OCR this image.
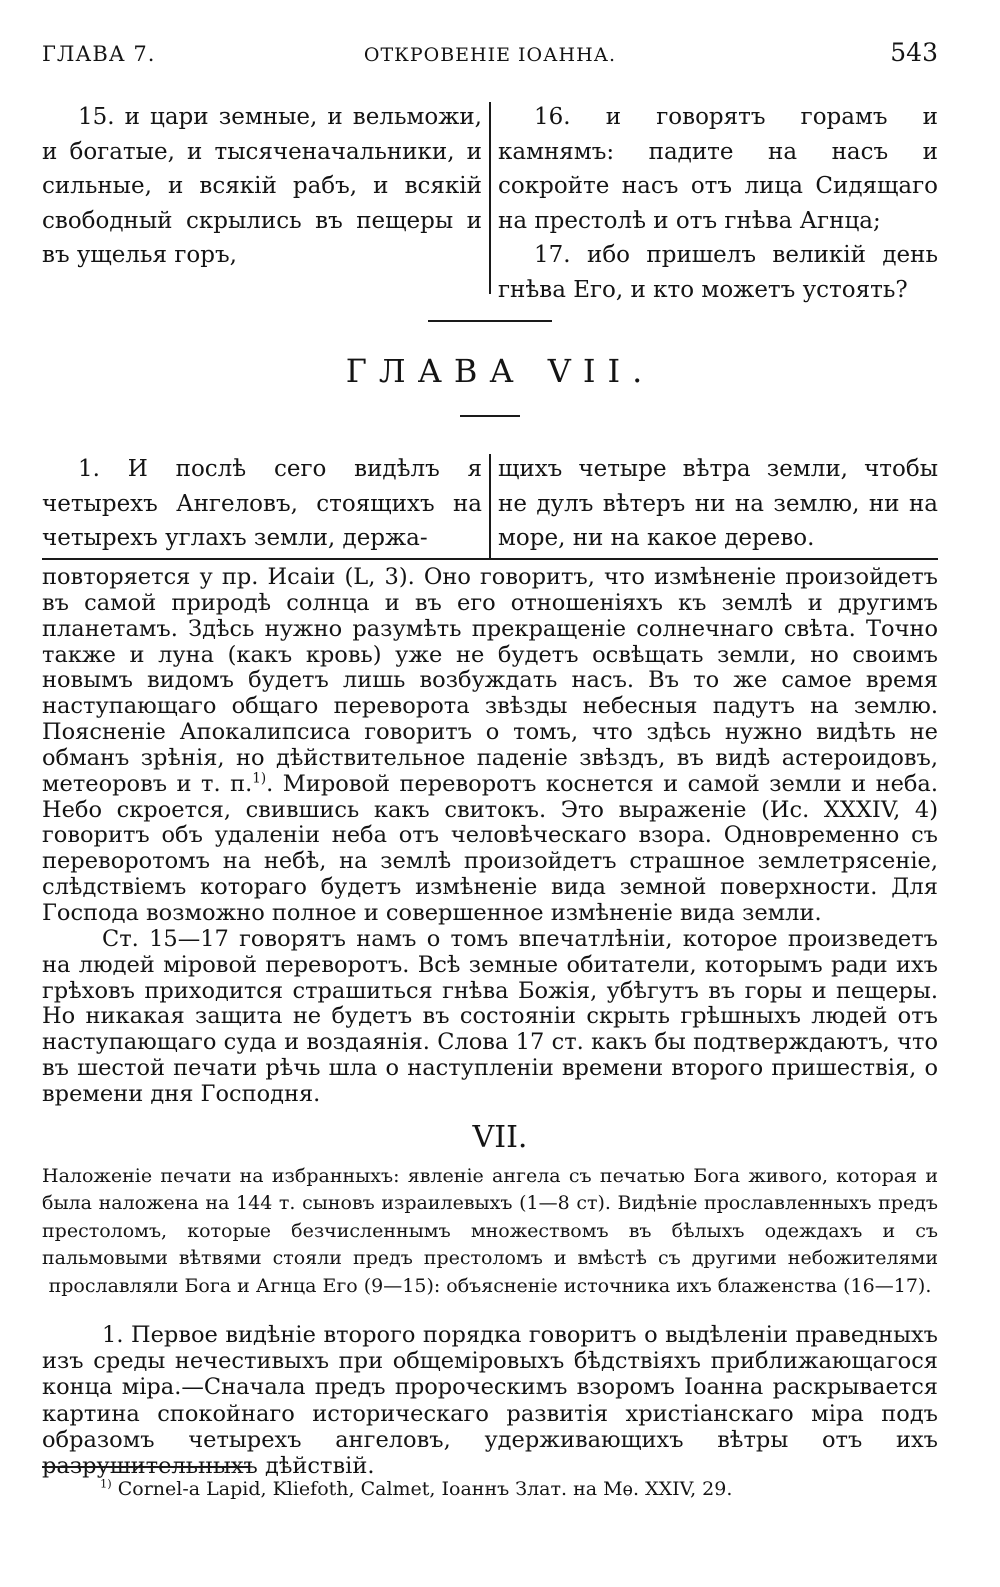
ГЛАВА 7.	ОТКРОВЕНІЕ ІОАННА.	543

15. и цари земные, и вельможи, и богатые, и тысяченачальники, и сильные, и всякій рабъ, и всякій свободный скрылись въ пещеры и въ ущелья горъ,

16. и говорятъ горамъ и камнямъ: падите на насъ и сокройте насъ отъ лица Сидящаго на престолѣ и отъ гнѣва Агнца;

17. ибо пришелъ великій день гнѣва Его, и кто можетъ устоять?

ГЛАВА VII.

1. И послѣ сего видѣлъ я четырехъ Ангеловъ, стоящихъ на четырехъ углахъ земли, держа-

щихъ четыре вѣтра земли, чтобы не дулъ вѣтеръ ни на землю, ни на море, ни на какое дерево.

повторяется у пр. Исаіи (L, 3). Оно говоритъ, что измѣненіе произойдетъ въ самой природѣ солнца и въ его отношеніяхъ къ землѣ и другимъ планетамъ. Здѣсь нужно разумѣть прекращеніе солнечнаго свѣта. Точно также и луна (какъ кровь) уже не будетъ освѣщать земли, но своимъ новымъ видомъ будетъ лишь возбуждать насъ. Въ то же самое время наступающаго общаго переворота звѣзды небесныя падутъ на землю. Поясненіе Апокалипсиса говоритъ о томъ, что здѣсь нужно видѣть не обманъ зрѣнія, но дѣйствительное паденіе звѣздъ, въ видѣ астероидовъ, метеоровъ и т. п.$^{1)}$. Мировой переворотъ коснется и самой земли и неба. Небо скроется, свившись какъ свитокъ. Это выраженіе (Ис. XXXIV, 4) говоритъ объ удаленіи неба отъ человѣческаго взора. Одновременно съ переворотомъ на небѣ, на землѣ произойдетъ страшное землетрясеніе, слѣдствіемъ котораго будетъ измѣненіе вида земной поверхности. Для Господа возможно полное и совершенное измѣненіе вида земли.

Ст. 15—17 говорятъ намъ о томъ впечатлѣніи, которое произведетъ на людей міровой переворотъ. Всѣ земные обитатели, которымъ ради ихъ грѣховъ приходится страшиться гнѣва Божія, убѣгутъ въ горы и пещеры. Но никакая защита не будетъ въ состояніи скрыть грѣшныхъ людей отъ наступающаго суда и воздаянія. Слова 17 ст. какъ бы подтверждаютъ, что въ шестой печати рѣчь шла о наступленіи времени второго пришествія, о времени дня Господня.

VII.
Наложеніе печати на избранныхъ: явленіе ангела съ печатью Бога живого, которая и была наложена на 144 т. сыновъ израилевыхъ (1—8 ст). Видѣніе прославленныхъ предъ престоломъ, которые безчисленнымъ множествомъ въ бѣлыхъ одеждахъ и съ пальмовыми вѣтвями стояли предъ престоломъ и вмѣстѣ съ другими небожителями прославляли Бога и Агнца Его (9—15): объясненіе источника ихъ блаженства (16—17).
1. Первое видѣніе второго порядка говоритъ о выдѣленіи праведныхъ изъ среды нечестивыхъ при общеміровыхъ бѣдствіяхъ приближающагося конца міра.—Сначала предъ пророческимъ взоромъ Іоанна раскрывается картина спокойнаго историческаго развитія христіанскаго міра подъ образомъ четырехъ ангеловъ, удерживающихъ вѣтры отъ ихъ разрушительныхъ дѣйствій.
$^{1)}$ Cornel-a Lapid, Kliefoth, Calmet, Іоаннъ Злат. на Мѳ. XXIV, 29.
